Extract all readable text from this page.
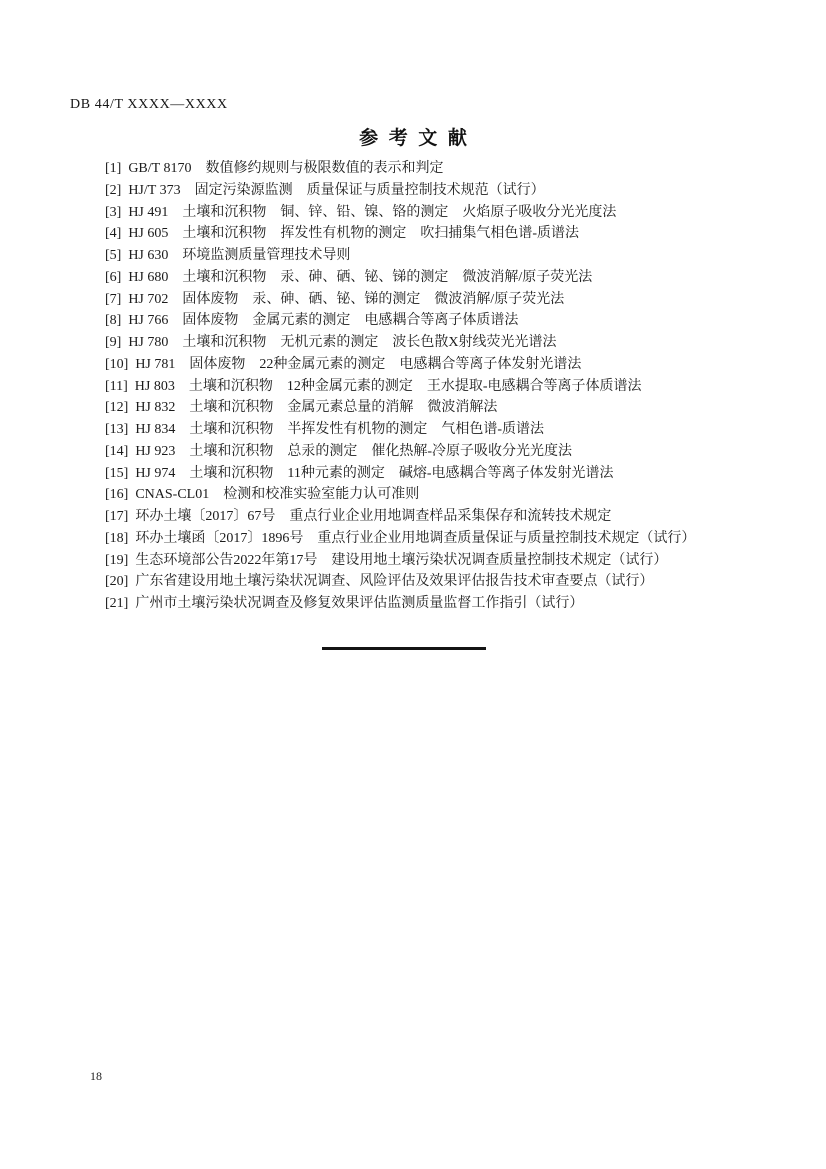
DB 44/T XXXX—XXXX
参  考  文  献
[1]  GB/T 8170　数值修约规则与极限数值的表示和判定
[2]  HJ/T 373　固定污染源监测　质量保证与质量控制技术规范（试行）
[3]  HJ 491　土壤和沉积物　铜、锌、铅、镍、铬的测定　火焰原子吸收分光光度法
[4]  HJ 605　土壤和沉积物　挥发性有机物的测定　吹扫捕集气相色谱-质谱法
[5]  HJ 630　环境监测质量管理技术导则
[6]  HJ 680　土壤和沉积物　汞、砷、硒、铋、锑的测定　微波消解/原子荧光法
[7]  HJ 702　固体废物　汞、砷、硒、铋、锑的测定　微波消解/原子荧光法
[8]  HJ 766　固体废物　金属元素的测定　电感耦合等离子体质谱法
[9]  HJ 780　土壤和沉积物　无机元素的测定　波长色散X射线荧光光谱法
[10]  HJ 781　固体废物　22种金属元素的测定　电感耦合等离子体发射光谱法
[11]  HJ 803　土壤和沉积物　12种金属元素的测定　王水提取-电感耦合等离子体质谱法
[12]  HJ 832　土壤和沉积物　金属元素总量的消解　微波消解法
[13]  HJ 834　土壤和沉积物　半挥发性有机物的测定　气相色谱-质谱法
[14]  HJ 923　土壤和沉积物　总汞的测定　催化热解-冷原子吸收分光光度法
[15]  HJ 974　土壤和沉积物　11种元素的测定　碱熔-电感耦合等离子体发射光谱法
[16]  CNAS-CL01　检测和校准实验室能力认可准则
[17]  环办土壤〔2017〕67号　重点行业企业用地调查样品采集保存和流转技术规定
[18]  环办土壤函〔2017〕1896号　重点行业企业用地调查质量保证与质量控制技术规定（试行）
[19]  生态环境部公告2022年第17号　建设用地土壤污染状况调查质量控制技术规定（试行）
[20]  广东省建设用地土壤污染状况调查、风险评估及效果评估报告技术审查要点（试行）
[21]  广州市土壤污染状况调查及修复效果评估监测质量监督工作指引（试行）
18
